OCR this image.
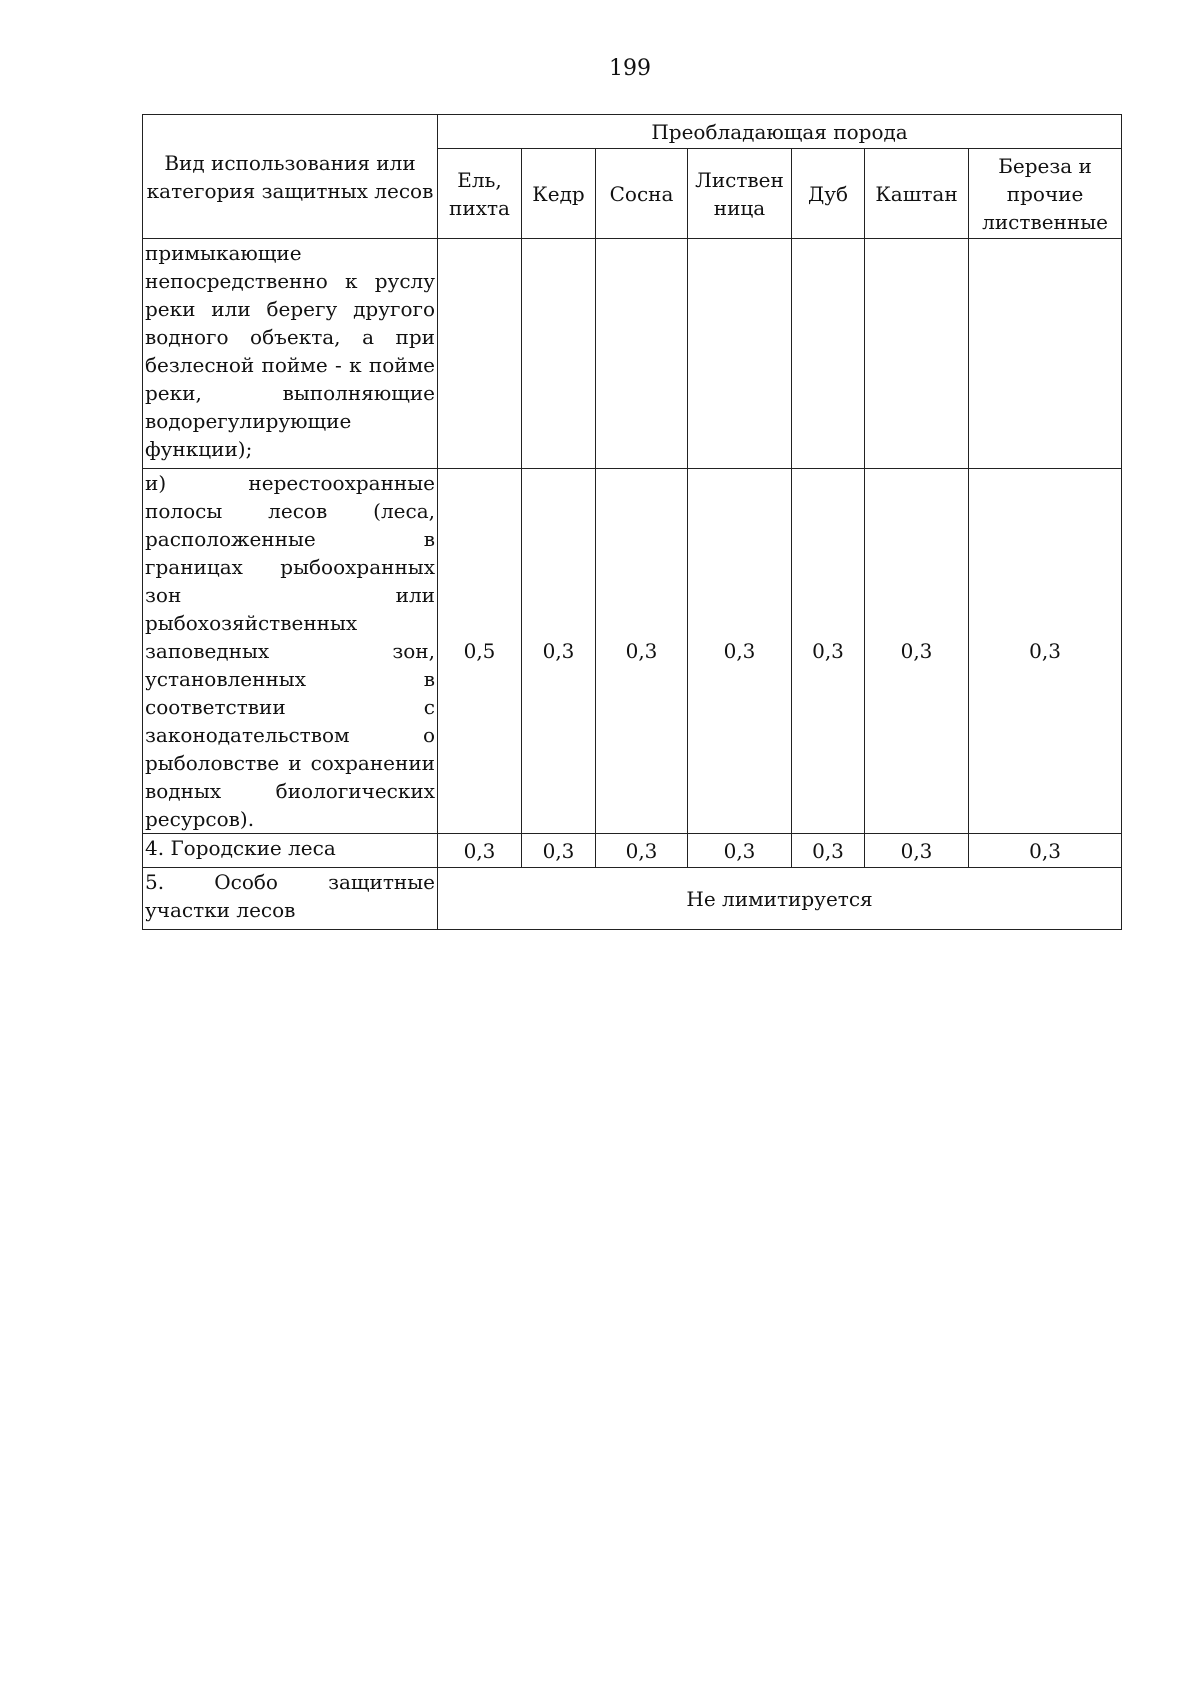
199
Вид использования или категория защитных лесов	Преобладающая порода						
	Ель, пихта	Кедр	Сосна	Листвен ница	Дуб	Каштан	Береза и прочие лиственные
примыкающие непосредственно к руслу реки или берегу другого водного объекта, а при безлесной пойме - к пойме реки, выполняющие водорегулирующие функции);							
и) нерестоохранные полосы лесов (леса, расположенные в границах рыбоохранных зон или рыбохозяйственных заповедных зон, установленных в соответствии с законодательством о рыболовстве и сохранении водных биологических ресурсов).	0,5	0,3	0,3	0,3	0,3	0,3	0,3
4. Городские леса	0,3	0,3	0,3	0,3	0,3	0,3	0,3
5. Особо защитные участки лесов	Не лимитируется						
